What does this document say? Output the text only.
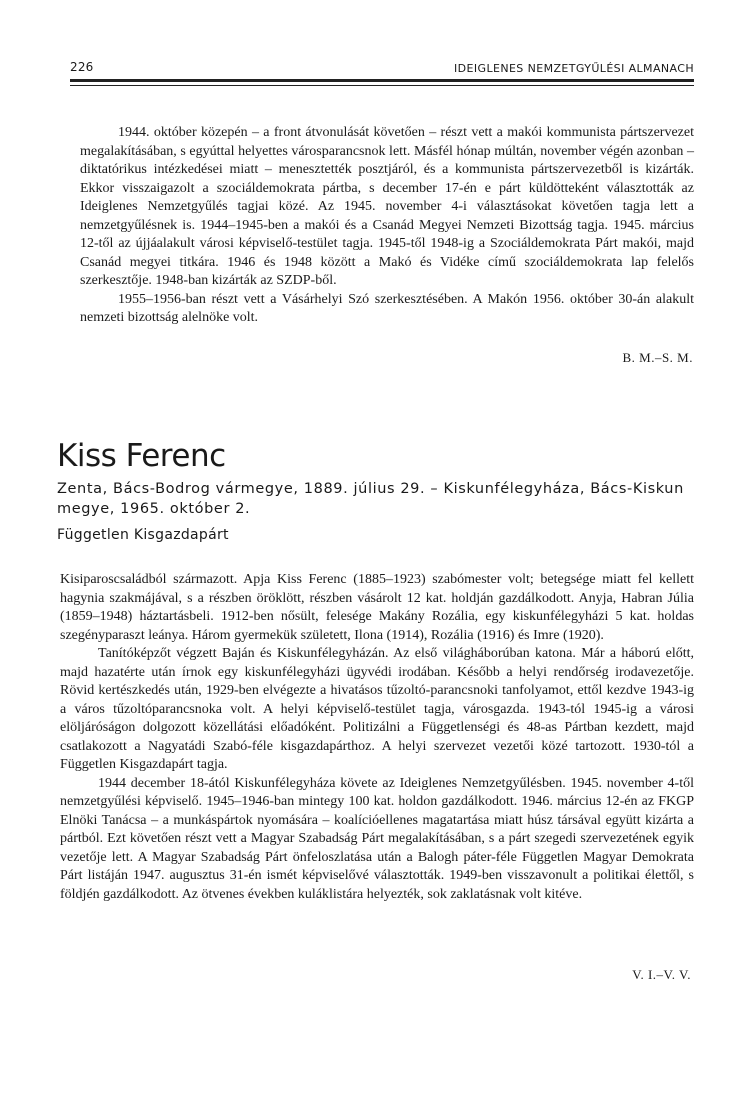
226	IDEIGLENES NEMZETGYŰLÉSI ALMANACH

1944. október közepén – a front átvonulását követően – részt vett a makói kommunista pártszervezet megalakításában, s egyúttal helyettes városparancsnok lett. Másfél hónap múltán, november végén azonban – diktatórikus intézkedései miatt – menesztették posztjáról, és a kommunista pártszervezetből is kizárták. Ekkor visszaigazolt a szociáldemokrata pártba, s december 17-én e párt küldötteként választották az Ideiglenes Nemzetgyűlés tagjai közé. Az 1945. november 4-i választásokat követően tagja lett a nemzetgyűlésnek is. 1944–1945-ben a makói és a Csanád Megyei Nemzeti Bizottság tagja. 1945. március 12-től az újjáalakult városi képviselő-testület tagja. 1945-től 1948-ig a Szociáldemokrata Párt makói, majd Csanád megyei titkára. 1946 és 1948 között a Makó és Vidéke című szociáldemokrata lap felelős szerkesztője. 1948-ban kizárták az SZDP-ből.

1955–1956-ban részt vett a Vásárhelyi Szó szerkesztésében. A Makón 1956. október 30-án alakult nemzeti bizottság alelnöke volt.

B. M.–S. M.
Kiss Ferenc
Zenta, Bács-Bodrog vármegye, 1889. július 29. – Kiskunfélegyháza, Bács-Kiskun megye, 1965. október 2.
Független Kisgazdapárt

Kisiparoscsaládból származott. Apja Kiss Ferenc (1885–1923) szabómester volt; betegsége miatt fel kellett hagynia szakmájával, s a részben öröklött, részben vásárolt 12 kat. holdján gazdálkodott. Anyja, Habran Júlia (1859–1948) háztartásbeli. 1912-ben nősült, felesége Makány Rozália, egy kiskunfélegyházi 5 kat. holdas szegényparaszt leánya. Három gyermekük született, Ilona (1914), Rozália (1916) és Imre (1920).

Tanítóképzőt végzett Baján és Kiskunfélegyházán. Az első világháborúban katona. Már a háború előtt, majd hazatérte után írnok egy kiskunfélegyházi ügyvédi irodában. Később a helyi rendőrség irodavezetője. Rövid kertészkedés után, 1929-ben elvégezte a hivatásos tűzoltó-parancsnoki tanfolyamot, ettől kezdve 1943-ig a város tűzoltóparancsnoka volt. A helyi képviselő-testület tagja, városgazda. 1943-tól 1945-ig a városi elöljáróságon dolgozott közellátási előadóként. Politizálni a Függetlenségi és 48-as Pártban kezdett, majd csatlakozott a Nagyatádi Szabó-féle kisgazdapárthoz. A helyi szervezet vezetői közé tartozott. 1930-tól a Független Kisgazdapárt tagja.

1944 december 18-ától Kiskunfélegyháza követe az Ideiglenes Nemzetgyűlésben. 1945. november 4-től nemzetgyűlési képviselő. 1945–1946-ban mintegy 100 kat. holdon gazdálkodott. 1946. március 12-én az FKGP Elnöki Tanácsa – a munkáspártok nyomására – koalícióellenes magatartása miatt húsz társával együtt kizárta a pártból. Ezt követően részt vett a Magyar Szabadság Párt megalakításában, s a párt szegedi szervezetének egyik vezetője lett. A Magyar Szabadság Párt önfeloszlatása után a Balogh páter-féle Független Magyar Demokrata Párt listáján 1947. augusztus 31-én ismét képviselővé választották. 1949-ben visszavonult a politikai élettől, s földjén gazdálkodott. Az ötvenes években kuláklistára helyezték, sok zaklatásnak volt kitéve.

V. I.–V. V.
